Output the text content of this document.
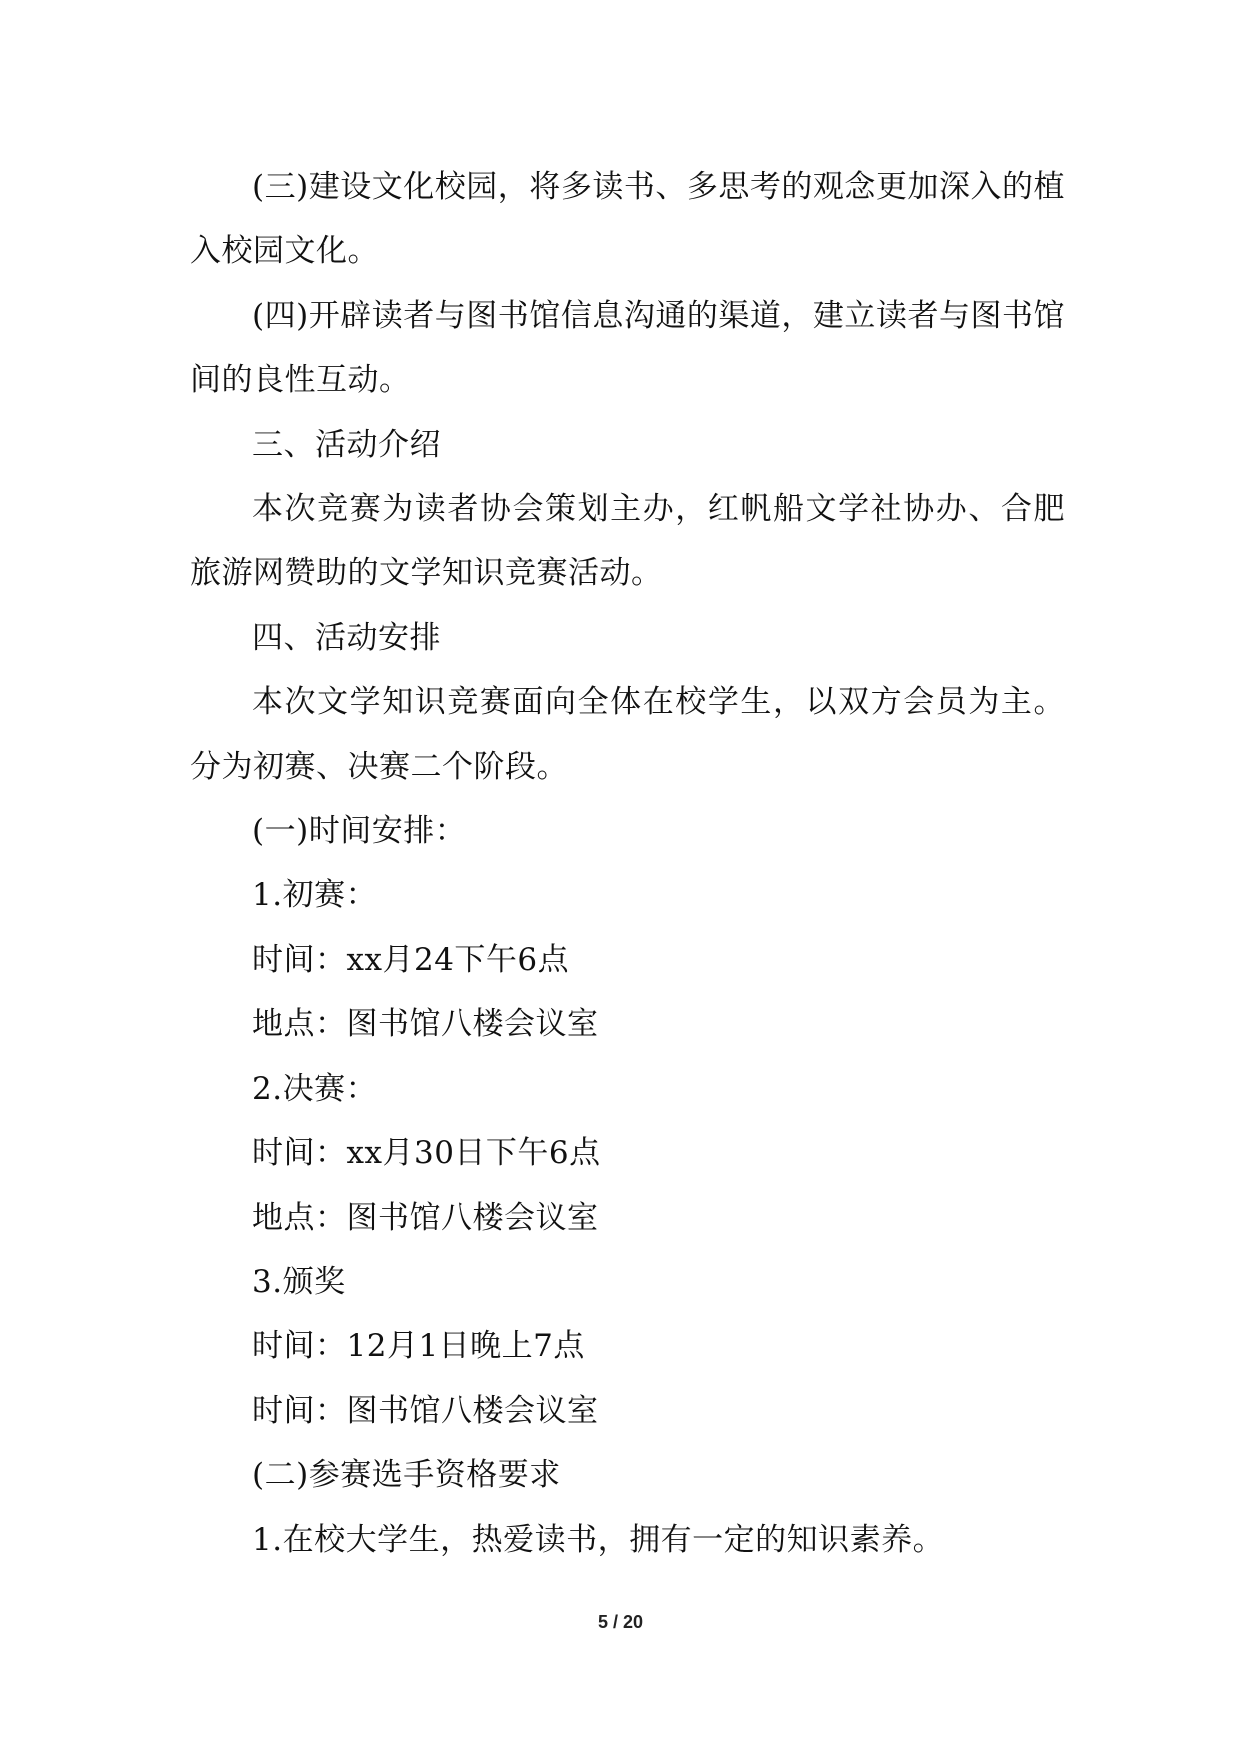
(三)建设文化校园，将多读书、多思考的观念更加深入的植入校园文化。

(四)开辟读者与图书馆信息沟通的渠道，建立读者与图书馆间的良性互动。

三、活动介绍

本次竞赛为读者协会策划主办，红帆船文学社协办、合肥旅游网赞助的文学知识竞赛活动。

四、活动安排

本次文学知识竞赛面向全体在校学生，以双方会员为主。分为初赛、决赛二个阶段。

(一)时间安排：

1.初赛：

时间：xx月24下午6点

地点：图书馆八楼会议室

2.决赛：

时间：xx月30日下午6点

地点：图书馆八楼会议室

3.颁奖

时间：12月1日晚上7点

时间：图书馆八楼会议室

(二)参赛选手资格要求

1.在校大学生，热爱读书，拥有一定的知识素养。

5 / 20
